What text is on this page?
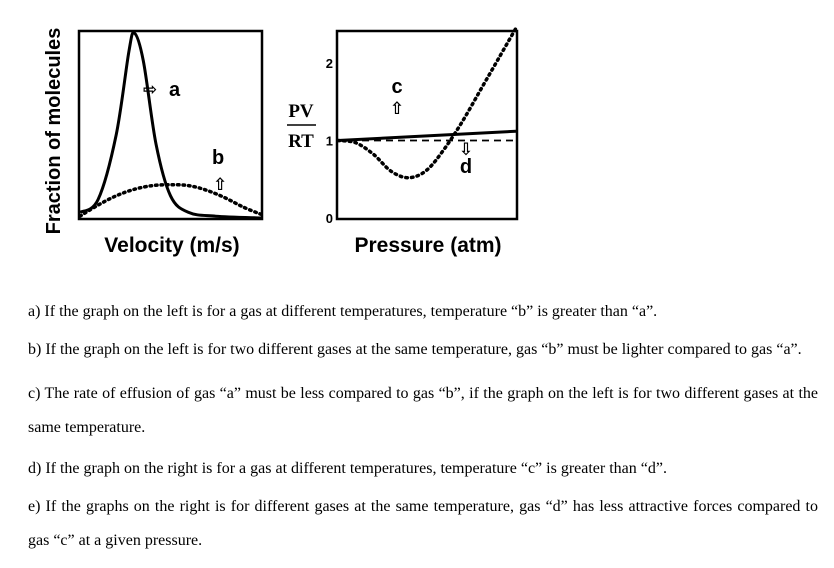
Fraction of molecules	⇨ a
b
⇧
Velocity (m/s)
PV
RT
0
1
2
c
⇧
⇩
d
Pressure (atm)

a) If the graph on the left is for a gas at different temperatures, temperature “b” is greater than “a”.

b) If the graph on the left is for two different gases at the same temperature, gas “b” must be lighter compared to gas “a”.

c) The rate of effusion of gas “a” must be less compared to gas “b”, if the graph on the left is for two different gases at the same temperature.

d) If the graph on the right is for a gas at different temperatures, temperature “c” is greater than “d”.

e) If the graphs on the right is for different gases at the same temperature, gas “d” has less attractive forces compared to gas “c” at a given pressure.
